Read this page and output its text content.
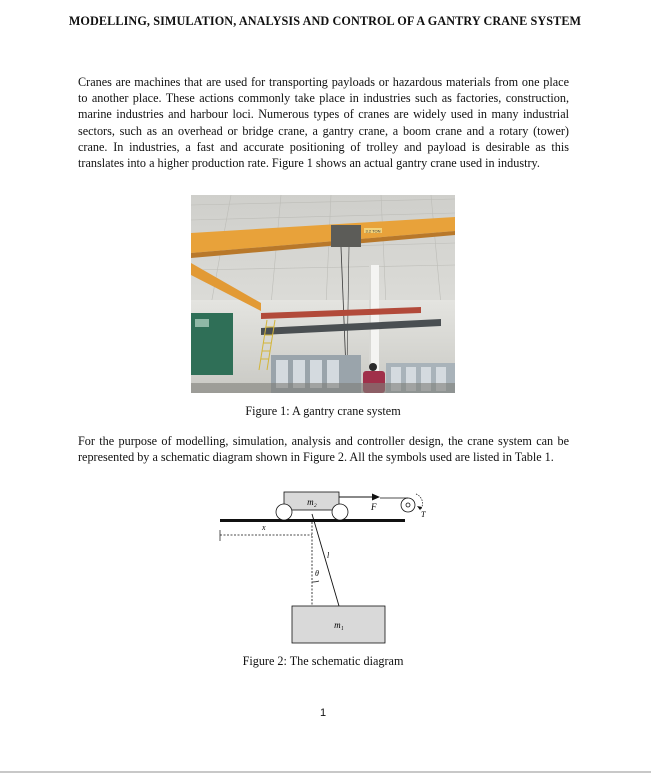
MODELLING, SIMULATION, ANALYSIS AND CONTROL OF A GANTRY CRANE SYSTEM
Cranes are machines that are used for transporting payloads or hazardous materials from one place to another place. These actions commonly take place in industries such as factories, construction, marine industries and harbour loci. Numerous types of cranes are widely used in many industrial sectors, such as an overhead or bridge crane, a gantry crane, a boom crane and a rotary (tower) crane. In industries, a fast and accurate positioning of trolley and payload is desirable as this translates into a higher production rate. Figure 1 shows an actual gantry crane used in industry.
3.2 TON
Figure 1: A gantry crane system
For the purpose of modelling, simulation, analysis and controller design, the crane system can be represented by a schematic diagram shown in Figure 2. All the symbols used are listed in Table 1.
m₂	F
T
x
l
θ
m₁
Figure 2: The schematic diagram
1
